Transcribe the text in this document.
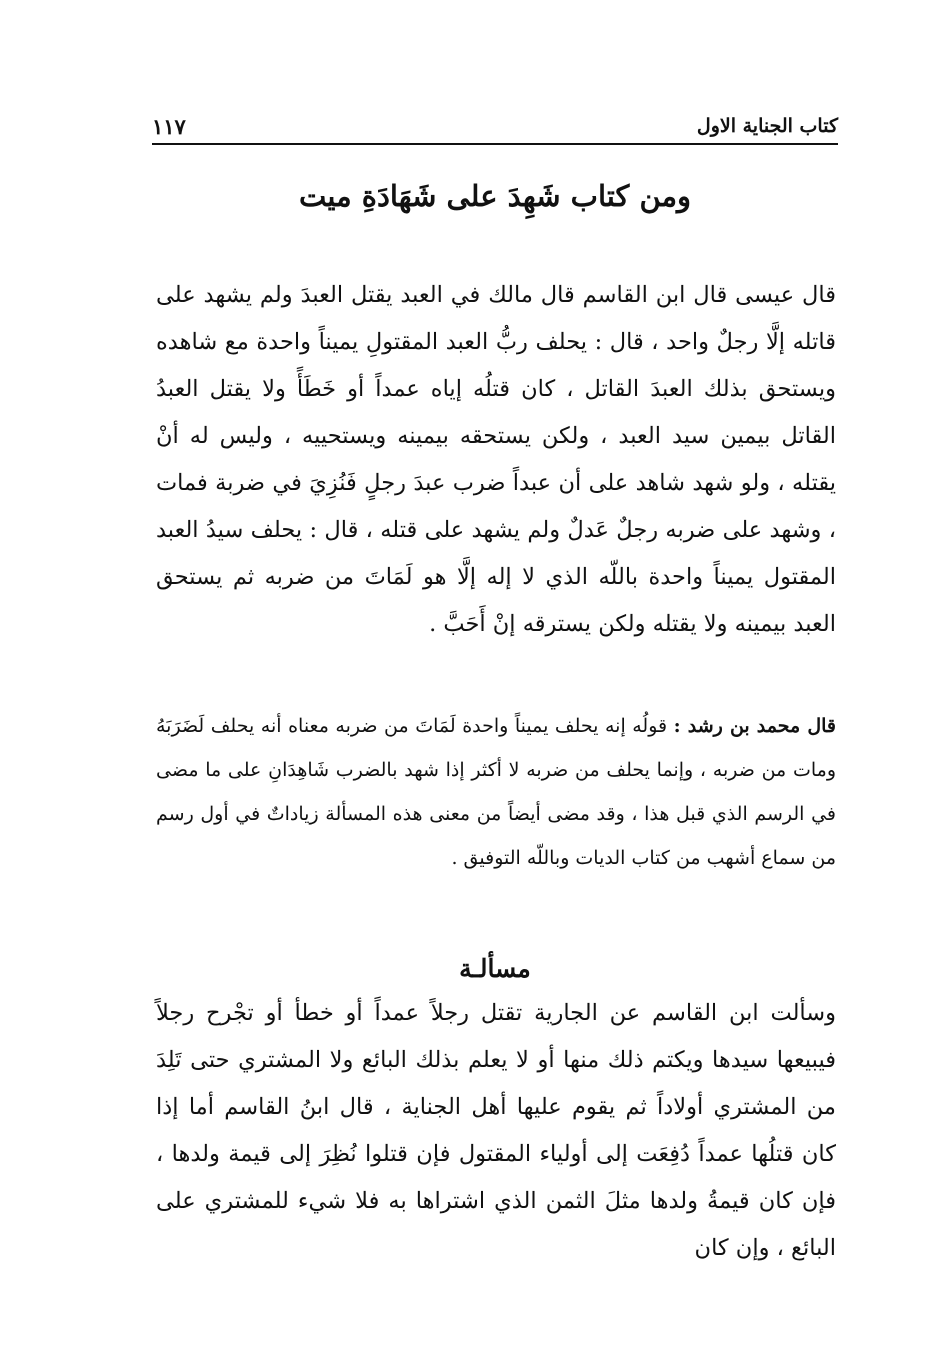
كتاب الجناية الاول
١١٧
ومن كتاب شَهِدَ على شَهَادَةِ ميت

قال عيسى قال ابن القاسم قال مالك في العبد يقتل العبدَ ولم يشهد على قاتله إلَّا رجلٌ واحد ، قال : يحلف ربُّ العبد المقتولِ يميناً واحدة مع شاهده ويستحق بذلك العبدَ القاتل ، كان قتلُه إياه عمداً أو خَطَأً ولا يقتل العبدُ القاتل بيمين سيد العبد ، ولكن يستحقه بيمينه ويستحييه ، وليس له أنْ يقتله ، ولو شهد شاهد على أن عبداً ضرب عبدَ رجلٍ فَنُزِيَ في ضربة فمات ، وشهد على ضربه رجلٌ عَدلٌ ولم يشهد على قتله ، قال : يحلف سيدُ العبد المقتول يميناً واحدة باللّه الذي لا إله إلَّا هو لَمَاتَ من ضربه ثم يستحق العبد بيمينه ولا يقتله ولكن يسترقه إنْ أَحَبَّ .

قال محمد بن رشد : قولُه إنه يحلف يميناً واحدة لَمَاتَ من ضربه معناه أنه يحلف لَضَرَبَهُ ومات من ضربه ، وإنما يحلف من ضربه لا أكثر إذا شهد بالضرب شَاهِدَانِ على ما مضى في الرسم الذي قبل هذا ، وقد مضى أيضاً من معنى هذه المسألة زياداتٌ في أول رسم من سماع أشهب من كتاب الديات وباللّه التوفيق .

مسألـة

وسألت ابن القاسم عن الجارية تقتل رجلاً عمداً أو خطأ أو تجْرح رجلاً فيبيعها سيدها ويكتم ذلك منها أو لا يعلم بذلك البائع ولا المشتري حتى تَلِدَ من المشتري أولاداً ثم يقوم عليها أهل الجناية ، قال ابنُ القاسم أما إذا كان قتلُها عمداً دُفِعَت إلى أولياء المقتول فإن قتلوا نُظِرَ إلى قيمة ولدها ، فإن كان قيمةُ ولدها مثلَ الثمن الذي اشتراها به فلا شيء للمشتري على البائع ، وإن كان
